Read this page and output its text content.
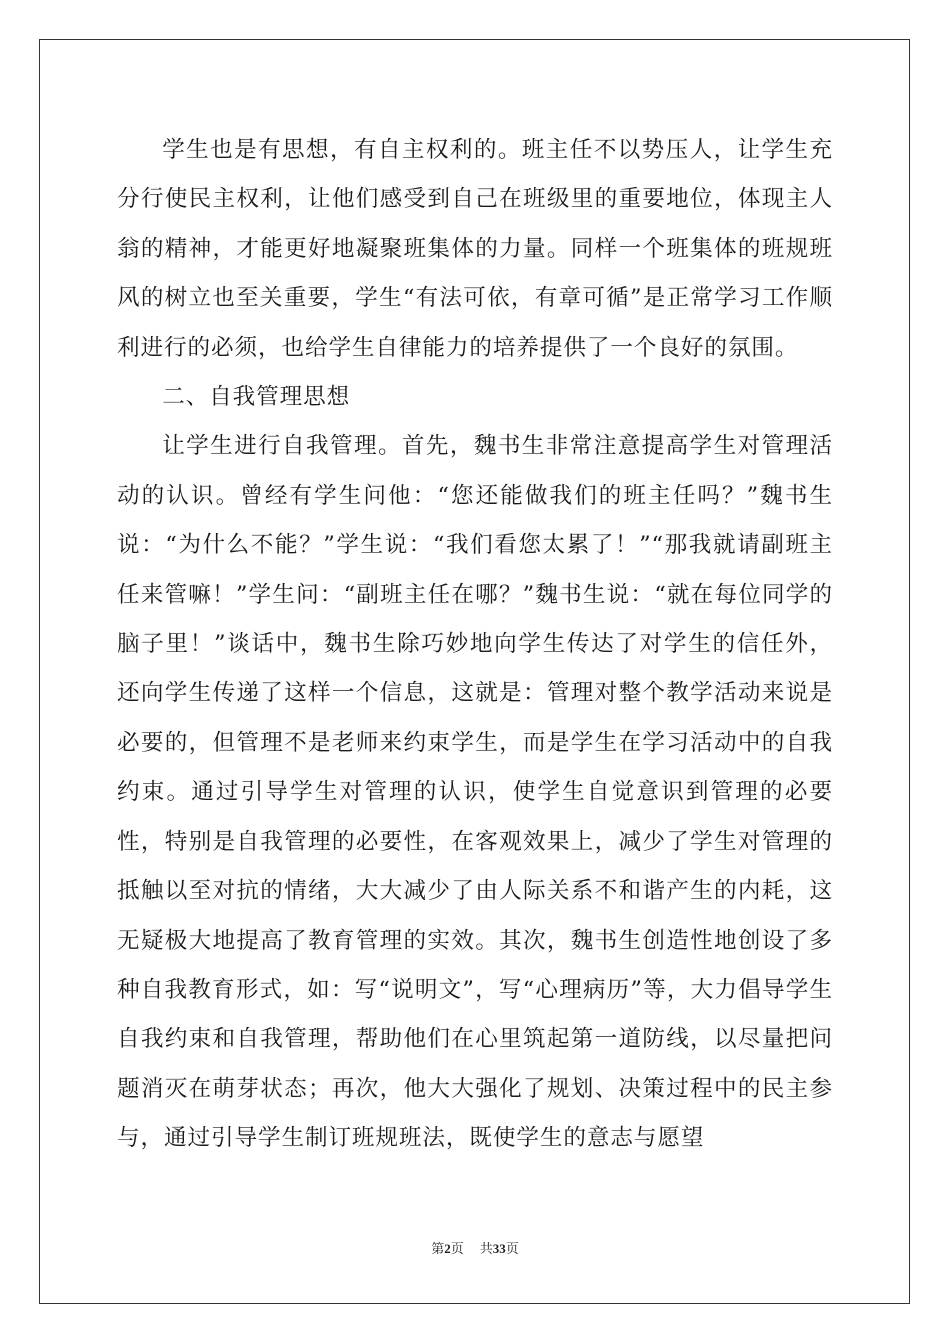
学生也是有思想，有自主权利的。班主任不以势压人，让学生充分行使民主权利，让他们感受到自己在班级里的重要地位，体现主人翁的精神，才能更好地凝聚班集体的力量。同样一个班集体的班规班风的树立也至关重要，学生“有法可依，有章可循”是正常学习工作顺利进行的必须，也给学生自律能力的培养提供了一个良好的氛围。

二、自我管理思想

让学生进行自我管理。首先，魏书生非常注意提高学生对管理活动的认识。曾经有学生问他：“您还能做我们的班主任吗？”魏书生说：“为什么不能？”学生说：“我们看您太累了！”“那我就请副班主任来管嘛！”学生问：“副班主任在哪？”魏书生说：“就在每位同学的脑子里！”谈话中，魏书生除巧妙地向学生传达了对学生的信任外，还向学生传递了这样一个信息，这就是：管理对整个教学活动来说是必要的，但管理不是老师来约束学生，而是学生在学习活动中的自我约束。通过引导学生对管理的认识，使学生自觉意识到管理的必要性，特别是自我管理的必要性，在客观效果上，减少了学生对管理的抵触以至对抗的情绪，大大减少了由人际关系不和谐产生的内耗，这无疑极大地提高了教育管理的实效。其次，魏书生创造性地创设了多种自我教育形式，如：写“说明文”，写“心理病历”等，大力倡导学生自我约束和自我管理，帮助他们在心里筑起第一道防线，以尽量把问题消灭在萌芽状态；再次，他大大强化了规划、决策过程中的民主参与，通过引导学生制订班规班法，既使学生的意志与愿望

第2页 共33页
